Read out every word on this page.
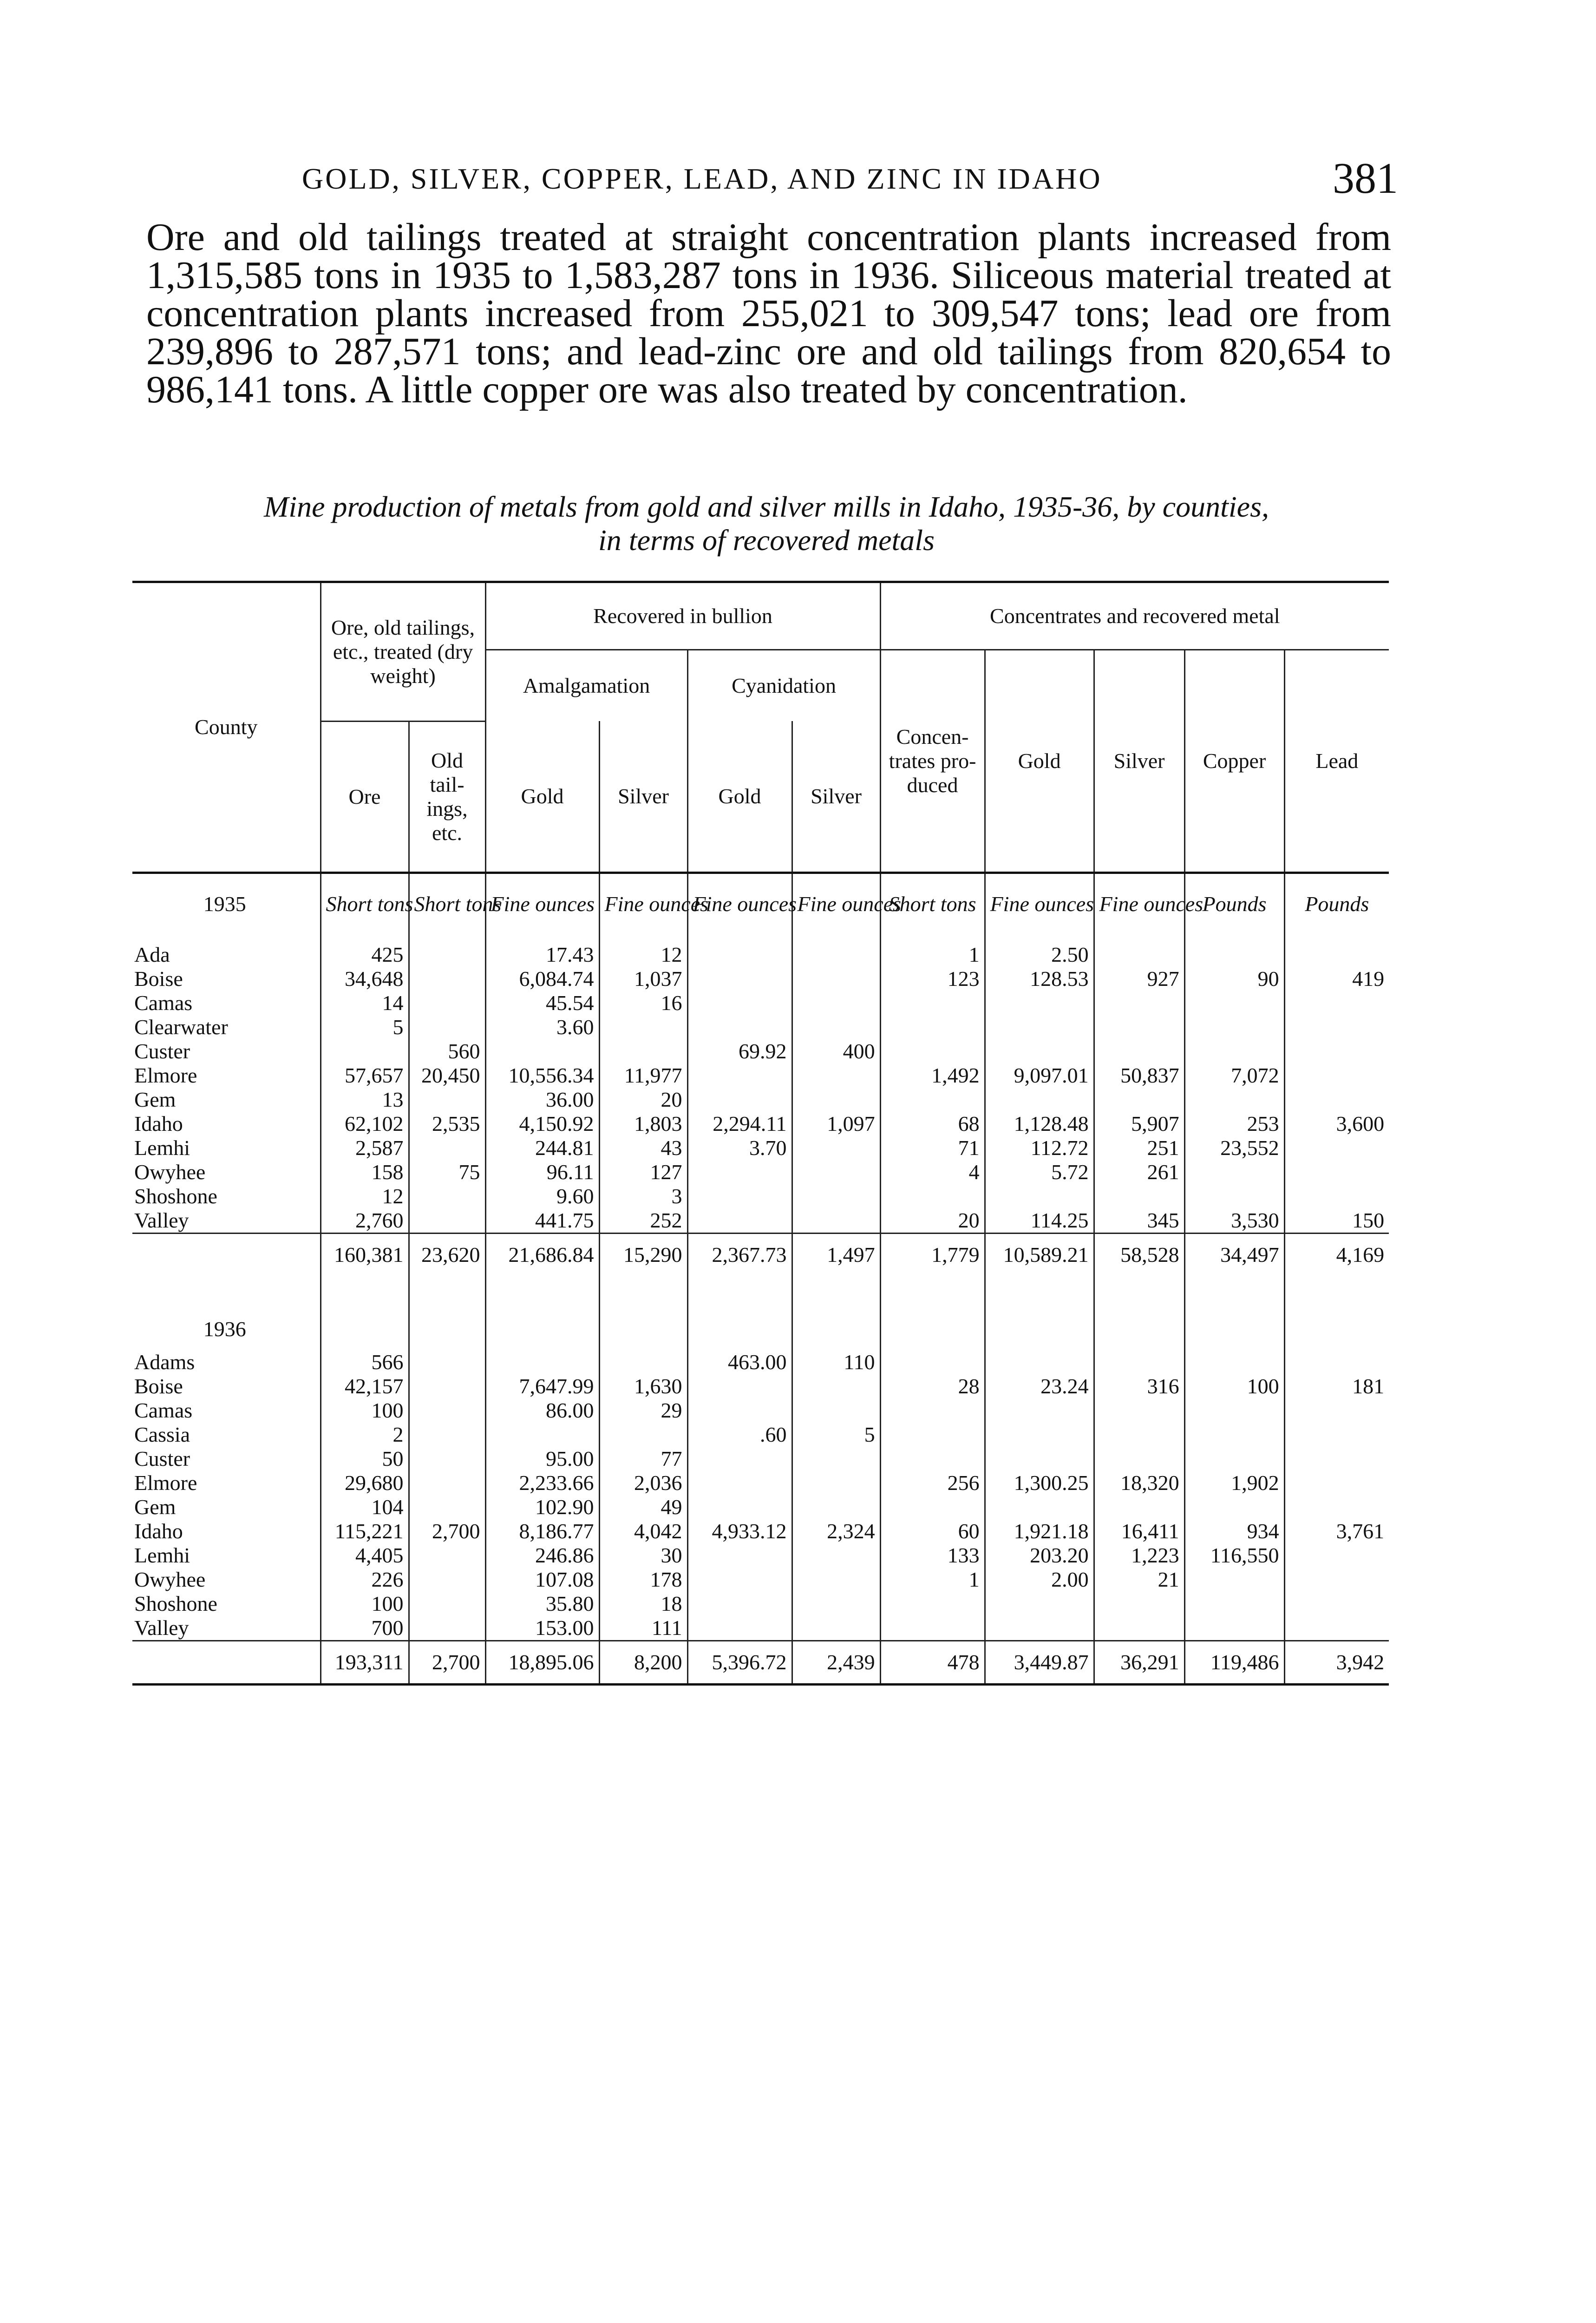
GOLD, SILVER, COPPER, LEAD, AND ZINC IN IDAHO	381

Ore and old tailings treated at straight concentration plants increased from 1,315,585 tons in 1935 to 1,583,287 tons in 1936. Siliceous material treated at concentration plants increased from 255,021 to 309,547 tons; lead ore from 239,896 to 287,571 tons; and lead-zinc ore and old tailings from 820,654 to 986,141 tons. A little copper ore was also treated by concentration.

Mine production of metals from gold and silver mills in Idaho, 1935-36, by counties,
in terms of recovered metals
County	Ore, old tailings, etc., treated (dry weight)		Recovered in bullion				Concentrates and recovered metal				
			Amalgamation		Cyanidation		Concen-trates pro-duced	Gold	Silver	Copper	Lead
	Ore	Old tail-ings, etc.	Gold	Silver	Gold	Silver					
1935	Short tons	Short tons	Fine ounces	Fine ounces	Fine ounces	Fine ounces	Short tons	Fine ounces	Fine ounces	Pounds	Pounds
Ada	425		17.43	12			1	2.50			
Boise	34,648		6,084.74	1,037			123	128.53	927	90	419
Camas	14		45.54	16							
Clearwater	5		3.60								
Custer		560			69.92	400					
Elmore	57,657	20,450	10,556.34	11,977			1,492	9,097.01	50,837	7,072	
Gem	13		36.00	20							
Idaho	62,102	2,535	4,150.92	1,803	2,294.11	1,097	68	1,128.48	5,907	253	3,600
Lemhi	2,587		244.81	43	3.70		71	112.72	251	23,552	
Owyhee	158	75	96.11	127			4	5.72	261		
Shoshone	12		9.60	3							
Valley	2,760		441.75	252			20	114.25	345	3,530	150
	160,381	23,620	21,686.84	15,290	2,367.73	1,497	1,779	10,589.21	58,528	34,497	4,169

1936											
Adams	566				463.00	110					
Boise	42,157		7,647.99	1,630			28	23.24	316	100	181
Camas	100		86.00	29							
Cassia	2				.60	5					
Custer	50		95.00	77							
Elmore	29,680		2,233.66	2,036			256	1,300.25	18,320	1,902	
Gem	104		102.90	49							
Idaho	115,221	2,700	8,186.77	4,042	4,933.12	2,324	60	1,921.18	16,411	934	3,761
Lemhi	4,405		246.86	30			133	203.20	1,223	116,550	
Owyhee	226		107.08	178			1	2.00	21		
Shoshone	100		35.80	18							
Valley	700		153.00	111							
	193,311	2,700	18,895.06	8,200	5,396.72	2,439	478	3,449.87	36,291	119,486	3,942
